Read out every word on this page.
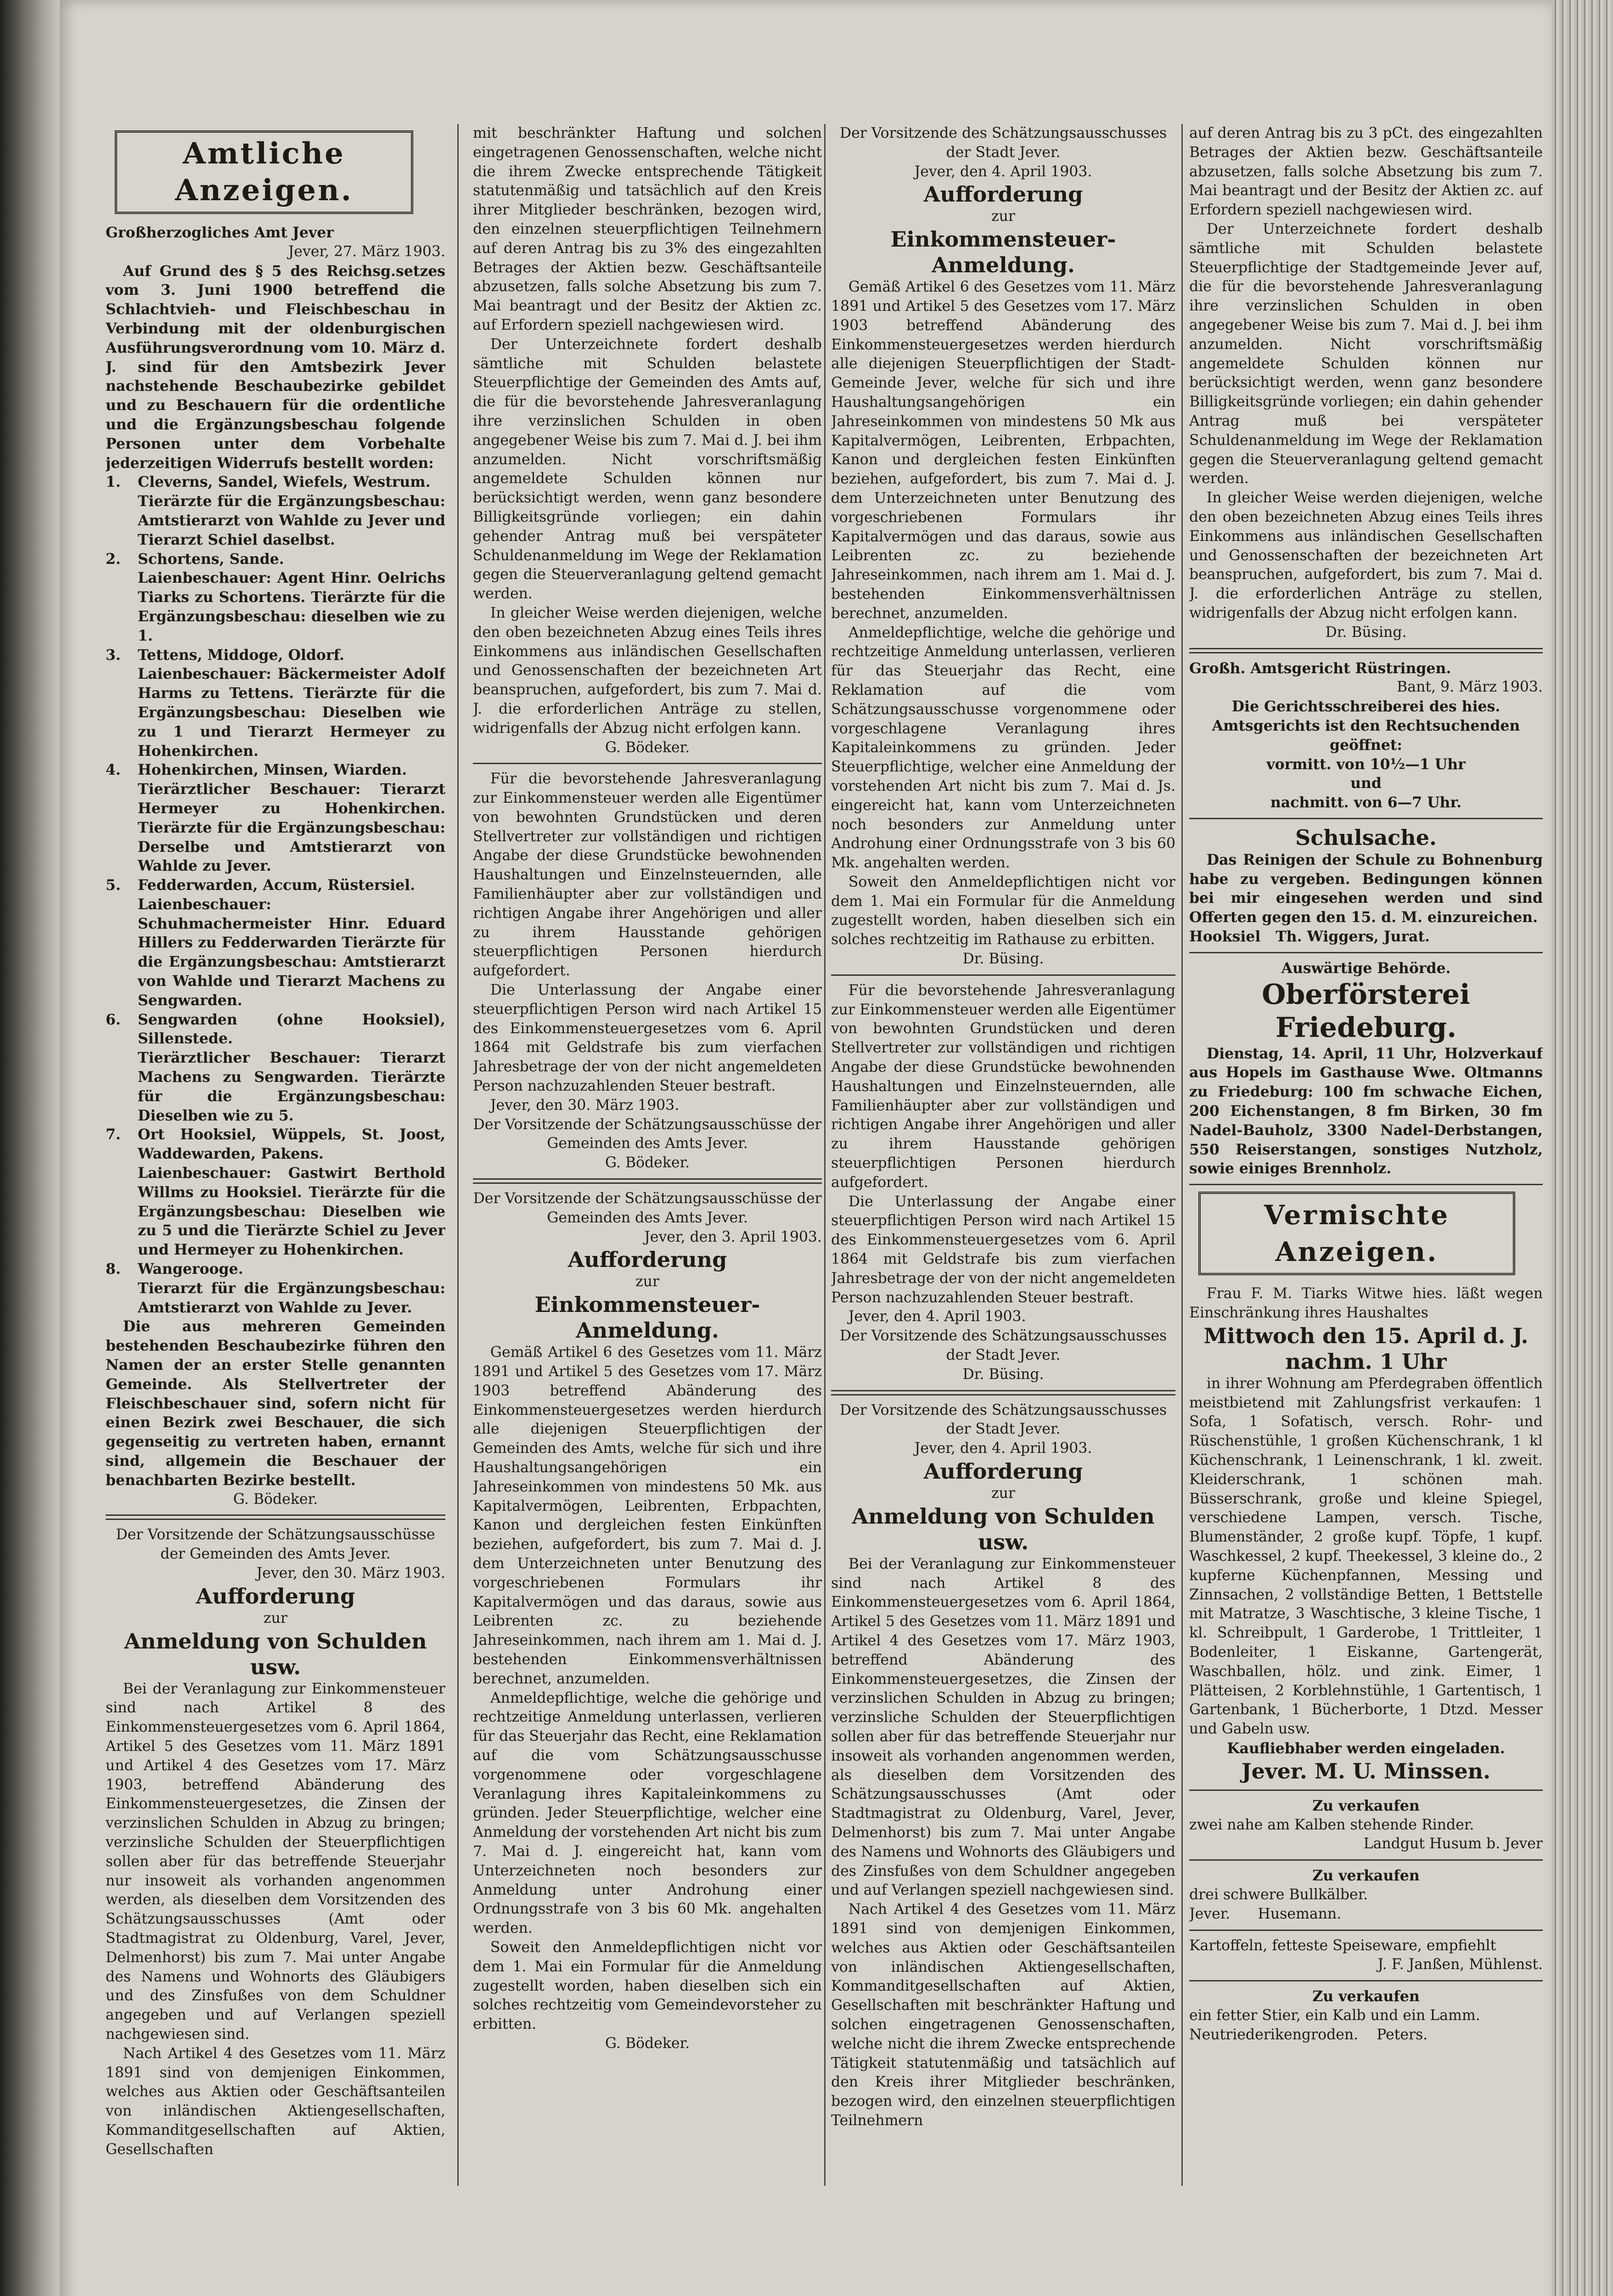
Amtliche Anzeigen.

Großherzogliches Amt Jever

Jever, 27. März 1903.

Auf Grund des § 5 des Reichsg.setzes vom 3. Juni 1900 betreffend die Schlachtvieh- und Fleischbeschau in Verbindung mit der oldenburgischen Ausführungsverordnung vom 10. März d. J. sind für den Amtsbezirk Jever nachstehende Beschaubezirke gebildet und zu Beschauern für die ordentliche und die Ergänzungsbeschau folgende Personen unter dem Vorbehalte jederzeitigen Widerrufs bestellt worden:

1. Cleverns, Sandel, Wiefels, Westrum.

Tierärzte für die Ergänzungsbeschau: Amtstierarzt von Wahlde zu Jever und Tierarzt Schiel daselbst.

2. Schortens, Sande.

Laienbeschauer: Agent Hinr. Oelrichs Tiarks zu Schortens. Tierärzte für die Ergänzungsbeschau: dieselben wie zu 1.

3. Tettens, Middoge, Oldorf.

Laienbeschauer: Bäckermeister Adolf Harms zu Tettens. Tierärzte für die Ergänzungsbeschau: Dieselben wie zu 1 und Tierarzt Hermeyer zu Hohenkirchen.

4. Hohenkirchen, Minsen, Wiarden.

Tierärztlicher Beschauer: Tierarzt Hermeyer zu Hohenkirchen. Tierärzte für die Ergänzungsbeschau: Derselbe und Amtstierarzt von Wahlde zu Jever.

5. Fedderwarden, Accum, Rüstersiel.

Laienbeschauer: Schuhmachermeister Hinr. Eduard Hillers zu Fedderwarden Tierärzte für die Ergänzungsbeschau: Amtstierarzt von Wahlde und Tierarzt Machens zu Sengwarden.

6. Sengwarden (ohne Hooksiel), Sillenstede.

Tierärztlicher Beschauer: Tierarzt Machens zu Sengwarden. Tierärzte für die Ergänzungsbeschau: Dieselben wie zu 5.

7. Ort Hooksiel, Wüppels, St. Joost, Waddewarden, Pakens.

Laienbeschauer: Gastwirt Berthold Willms zu Hooksiel. Tierärzte für die Ergänzungsbeschau: Dieselben wie zu 5 und die Tierärzte Schiel zu Jever und Hermeyer zu Hohenkirchen.

8. Wangerooge.

Tierarzt für die Ergänzungsbeschau: Amtstierarzt von Wahlde zu Jever.

Die aus mehreren Gemeinden bestehenden Beschaubezirke führen den Namen der an erster Stelle genannten Gemeinde. Als Stellvertreter der Fleischbeschauer sind, sofern nicht für einen Bezirk zwei Beschauer, die sich gegenseitig zu vertreten haben, ernannt sind, allgemein die Beschauer der benachbarten Bezirke bestellt.

G. Bödeker.

Der Vorsitzende der Schätzungsausschüsse der Gemeinden des Amts Jever.

Jever, den 30. März 1903.

Aufforderung

zur

Anmeldung von Schulden usw.

Bei der Veranlagung zur Einkommensteuer sind nach Artikel 8 des Einkommensteuergesetzes vom 6. April 1864, Artikel 5 des Gesetzes vom 11. März 1891 und Artikel 4 des Gesetzes vom 17. März 1903, betreffend Abänderung des Einkommensteuergesetzes, die Zinsen der verzinslichen Schulden in Abzug zu bringen; verzinsliche Schulden der Steuerpflichtigen sollen aber für das betreffende Steuerjahr nur insoweit als vorhanden angenommen werden, als dieselben dem Vorsitzenden des Schätzungsausschusses (Amt oder Stadtmagistrat zu Oldenburg, Varel, Jever, Delmenhorst) bis zum 7. Mai unter Angabe des Namens und Wohnorts des Gläubigers und des Zinsfußes von dem Schuldner angegeben und auf Verlangen speziell nachgewiesen sind.

Nach Artikel 4 des Gesetzes vom 11. März 1891 sind von demjenigen Einkommen, welches aus Aktien oder Geschäftsanteilen von inländischen Aktiengesellschaften, Kommanditgesellschaften auf Aktien, Gesellschaften

mit beschränkter Haftung und solchen eingetragenen Genossenschaften, welche nicht die ihrem Zwecke entsprechende Tätigkeit statutenmäßig und tatsächlich auf den Kreis ihrer Mitglieder beschränken, bezogen wird, den einzelnen steuerpflichtigen Teilnehmern auf deren Antrag bis zu 3% des eingezahlten Betrages der Aktien bezw. Geschäftsanteile abzusetzen, falls solche Absetzung bis zum 7. Mai beantragt und der Besitz der Aktien zc. auf Erfordern speziell nachgewiesen wird.

Der Unterzeichnete fordert deshalb sämtliche mit Schulden belastete Steuerpflichtige der Gemeinden des Amts auf, die für die bevorstehende Jahresveranlagung ihre verzinslichen Schulden in oben angegebener Weise bis zum 7. Mai d. J. bei ihm anzumelden. Nicht vorschriftsmäßig angemeldete Schulden können nur berücksichtigt werden, wenn ganz besondere Billigkeitsgründe vorliegen; ein dahin gehender Antrag muß bei verspäteter Schuldenanmeldung im Wege der Reklamation gegen die Steuerveranlagung geltend gemacht werden.

In gleicher Weise werden diejenigen, welche den oben bezeichneten Abzug eines Teils ihres Einkommens aus inländischen Gesellschaften und Genossenschaften der bezeichneten Art beanspruchen, aufgefordert, bis zum 7. Mai d. J. die erforderlichen Anträge zu stellen, widrigenfalls der Abzug nicht erfolgen kann.

G. Bödeker.

Für die bevorstehende Jahresveranlagung zur Einkommensteuer werden alle Eigentümer von bewohnten Grundstücken und deren Stellvertreter zur vollständigen und richtigen Angabe der diese Grundstücke bewohnenden Haushaltungen und Einzelnsteuernden, alle Familienhäupter aber zur vollständigen und richtigen Angabe ihrer Angehörigen und aller zu ihrem Hausstande gehörigen steuerpflichtigen Personen hierdurch aufgefordert.

Die Unterlassung der Angabe einer steuerpflichtigen Person wird nach Artikel 15 des Einkommensteuergesetzes vom 6. April 1864 mit Geldstrafe bis zum vierfachen Jahresbetrage der von der nicht angemeldeten Person nachzuzahlenden Steuer bestraft.

Jever, den 30. März 1903.

Der Vorsitzende der Schätzungsausschüsse der Gemeinden des Amts Jever.

G. Bödeker.

Der Vorsitzende der Schätzungsausschüsse der Gemeinden des Amts Jever.

Jever, den 3. April 1903.

Aufforderung

zur

Einkommensteuer-Anmeldung.

Gemäß Artikel 6 des Gesetzes vom 11. März 1891 und Artikel 5 des Gesetzes vom 17. März 1903 betreffend Abänderung des Einkommensteuergesetzes werden hierdurch alle diejenigen Steuerpflichtigen der Gemeinden des Amts, welche für sich und ihre Haushaltungsangehörigen ein Jahreseinkommen von mindestens 50 Mk. aus Kapitalvermögen, Leibrenten, Erbpachten, Kanon und dergleichen festen Einkünften beziehen, aufgefordert, bis zum 7. Mai d. J. dem Unterzeichneten unter Benutzung des vorgeschriebenen Formulars ihr Kapitalvermögen und das daraus, sowie aus Leibrenten zc. zu beziehende Jahreseinkommen, nach ihrem am 1. Mai d. J. bestehenden Einkommensverhältnissen berechnet, anzumelden.

Anmeldepflichtige, welche die gehörige und rechtzeitige Anmeldung unterlassen, verlieren für das Steuerjahr das Recht, eine Reklamation auf die vom Schätzungsausschusse vorgenommene oder vorgeschlagene Veranlagung ihres Kapitaleinkommens zu gründen. Jeder Steuerpflichtige, welcher eine Anmeldung der vorstehenden Art nicht bis zum 7. Mai d. J. eingereicht hat, kann vom Unterzeichneten noch besonders zur Anmeldung unter Androhung einer Ordnungsstrafe von 3 bis 60 Mk. angehalten werden.

Soweit den Anmeldepflichtigen nicht vor dem 1. Mai ein Formular für die Anmeldung zugestellt worden, haben dieselben sich ein solches rechtzeitig vom Gemeindevorsteher zu erbitten.

G. Bödeker.

Der Vorsitzende des Schätzungsausschusses der Stadt Jever.

Jever, den 4. April 1903.

Aufforderung

zur

Einkommensteuer-Anmeldung.

Gemäß Artikel 6 des Gesetzes vom 11. März 1891 und Artikel 5 des Gesetzes vom 17. März 1903 betreffend Abänderung des Einkommensteuergesetzes werden hierdurch alle diejenigen Steuerpflichtigen der Stadt-Gemeinde Jever, welche für sich und ihre Haushaltungsangehörigen ein Jahreseinkommen von mindestens 50 Mk aus Kapitalvermögen, Leibrenten, Erbpachten, Kanon und dergleichen festen Einkünften beziehen, aufgefordert, bis zum 7. Mai d. J. dem Unterzeichneten unter Benutzung des vorgeschriebenen Formulars ihr Kapitalvermögen und das daraus, sowie aus Leibrenten zc. zu beziehende Jahreseinkommen, nach ihrem am 1. Mai d. J. bestehenden Einkommensverhältnissen berechnet, anzumelden.

Anmeldepflichtige, welche die gehörige und rechtzeitige Anmeldung unterlassen, verlieren für das Steuerjahr das Recht, eine Reklamation auf die vom Schätzungsausschusse vorgenommene oder vorgeschlagene Veranlagung ihres Kapitaleinkommens zu gründen. Jeder Steuerpflichtige, welcher eine Anmeldung der vorstehenden Art nicht bis zum 7. Mai d. Js. eingereicht hat, kann vom Unterzeichneten noch besonders zur Anmeldung unter Androhung einer Ordnungsstrafe von 3 bis 60 Mk. angehalten werden.

Soweit den Anmeldepflichtigen nicht vor dem 1. Mai ein Formular für die Anmeldung zugestellt worden, haben dieselben sich ein solches rechtzeitig im Rathause zu erbitten.

Dr. Büsing.

Für die bevorstehende Jahresveranlagung zur Einkommensteuer werden alle Eigentümer von bewohnten Grundstücken und deren Stellvertreter zur vollständigen und richtigen Angabe der diese Grundstücke bewohnenden Haushaltungen und Einzelnsteuernden, alle Familienhäupter aber zur vollständigen und richtigen Angabe ihrer Angehörigen und aller zu ihrem Hausstande gehörigen steuerpflichtigen Personen hierdurch aufgefordert.

Die Unterlassung der Angabe einer steuerpflichtigen Person wird nach Artikel 15 des Einkommensteuergesetzes vom 6. April 1864 mit Geldstrafe bis zum vierfachen Jahresbetrage der von der nicht angemeldeten Person nachzuzahlenden Steuer bestraft.

Jever, den 4. April 1903.

Der Vorsitzende des Schätzungsausschusses der Stadt Jever.

Dr. Büsing.

Der Vorsitzende des Schätzungsausschusses der Stadt Jever.

Jever, den 4. April 1903.

Aufforderung

zur

Anmeldung von Schulden usw.

Bei der Veranlagung zur Einkommensteuer sind nach Artikel 8 des Einkommensteuergesetzes vom 6. April 1864, Artikel 5 des Gesetzes vom 11. März 1891 und Artikel 4 des Gesetzes vom 17. März 1903, betreffend Abänderung des Einkommensteuergesetzes, die Zinsen der verzinslichen Schulden in Abzug zu bringen; verzinsliche Schulden der Steuerpflichtigen sollen aber für das betreffende Steuerjahr nur insoweit als vorhanden angenommen werden, als dieselben dem Vorsitzenden des Schätzungsausschusses (Amt oder Stadtmagistrat zu Oldenburg, Varel, Jever, Delmenhorst) bis zum 7. Mai unter Angabe des Namens und Wohnorts des Gläubigers und des Zinsfußes von dem Schuldner angegeben und auf Verlangen speziell nachgewiesen sind.

Nach Artikel 4 des Gesetzes vom 11. März 1891 sind von demjenigen Einkommen, welches aus Aktien oder Geschäftsanteilen von inländischen Aktiengesellschaften, Kommanditgesellschaften auf Aktien, Gesellschaften mit beschränkter Haftung und solchen eingetragenen Genossenschaften, welche nicht die ihrem Zwecke entsprechende Tätigkeit statutenmäßig und tatsächlich auf den Kreis ihrer Mitglieder beschränken, bezogen wird, den einzelnen steuerpflichtigen Teilnehmern

auf deren Antrag bis zu 3 pCt. des eingezahlten Betrages der Aktien bezw. Geschäftsanteile abzusetzen, falls solche Absetzung bis zum 7. Mai beantragt und der Besitz der Aktien zc. auf Erfordern speziell nachgewiesen wird.

Der Unterzeichnete fordert deshalb sämtliche mit Schulden belastete Steuerpflichtige der Stadtgemeinde Jever auf, die für die bevorstehende Jahresveranlagung ihre verzinslichen Schulden in oben angegebener Weise bis zum 7. Mai d. J. bei ihm anzumelden. Nicht vorschriftsmäßig angemeldete Schulden können nur berücksichtigt werden, wenn ganz besondere Billigkeitsgründe vorliegen; ein dahin gehender Antrag muß bei verspäteter Schuldenanmeldung im Wege der Reklamation gegen die Steuerveranlagung geltend gemacht werden.

In gleicher Weise werden diejenigen, welche den oben bezeichneten Abzug eines Teils ihres Einkommens aus inländischen Gesellschaften und Genossenschaften der bezeichneten Art beanspruchen, aufgefordert, bis zum 7. Mai d. J. die erforderlichen Anträge zu stellen, widrigenfalls der Abzug nicht erfolgen kann.

Dr. Büsing.

Großh. Amtsgericht Rüstringen.

Bant, 9. März 1903.

Die Gerichtsschreiberei des hies. Amtsgerichts ist den Rechtsuchenden geöffnet:

vormitt. von 10½—1 Uhr

und

nachmitt. von 6—7 Uhr.

Schulsache.

Das Reinigen der Schule zu Bohnenburg habe zu vergeben. Bedingungen können bei mir eingesehen werden und sind Offerten gegen den 15. d. M. einzureichen.

Hooksiel Th. Wiggers, Jurat.

Auswärtige Behörde.

Oberförsterei Friedeburg.

Dienstag, 14. April, 11 Uhr, Holzverkauf aus Hopels im Gasthause Wwe. Oltmanns zu Friedeburg: 100 fm schwache Eichen, 200 Eichenstangen, 8 fm Birken, 30 fm Nadel-Bauholz, 3300 Nadel-Derbstangen, 550 Reiserstangen, sonstiges Nutzholz, sowie einiges Brennholz.

Vermischte Anzeigen.

Frau F. M. Tiarks Witwe hies. läßt wegen Einschränkung ihres Haushaltes

Mittwoch den 15. April d. J.

nachm. 1 Uhr

in ihrer Wohnung am Pferdegraben öffentlich meistbietend mit Zahlungsfrist verkaufen: 1 Sofa, 1 Sofatisch, versch. Rohr- und Rüschenstühle, 1 großen Küchenschrank, 1 kl Küchenschrank, 1 Leinenschrank, 1 kl. zweit. Kleiderschrank, 1 schönen mah. Büsserschrank, große und kleine Spiegel, verschiedene Lampen, versch. Tische, Blumenständer, 2 große kupf. Töpfe, 1 kupf. Waschkessel, 2 kupf. Theekessel, 3 kleine do., 2 kupferne Küchenpfannen, Messing und Zinnsachen, 2 vollständige Betten, 1 Bettstelle mit Matratze, 3 Waschtische, 3 kleine Tische, 1 kl. Schreibpult, 1 Garderobe, 1 Trittleiter, 1 Bodenleiter, 1 Eiskanne, Gartengerät, Waschballen, hölz. und zink. Eimer, 1 Plätteisen, 2 Korblehnstühle, 1 Gartentisch, 1 Gartenbank, 1 Bücherborte, 1 Dtzd. Messer und Gabeln usw.

Kaufliebhaber werden eingeladen.

Jever. M. U. Minssen.

Zu verkaufen

zwei nahe am Kalben stehende Rinder.

Landgut Husum b. Jever

Zu verkaufen

drei schwere Bullkälber.

Jever. Husemann.

Kartoffeln, fetteste Speiseware, empfiehlt

J. F. Janßen, Mühlenst.

Zu verkaufen

ein fetter Stier, ein Kalb und ein Lamm.

Neutriederikengroden. Peters.
